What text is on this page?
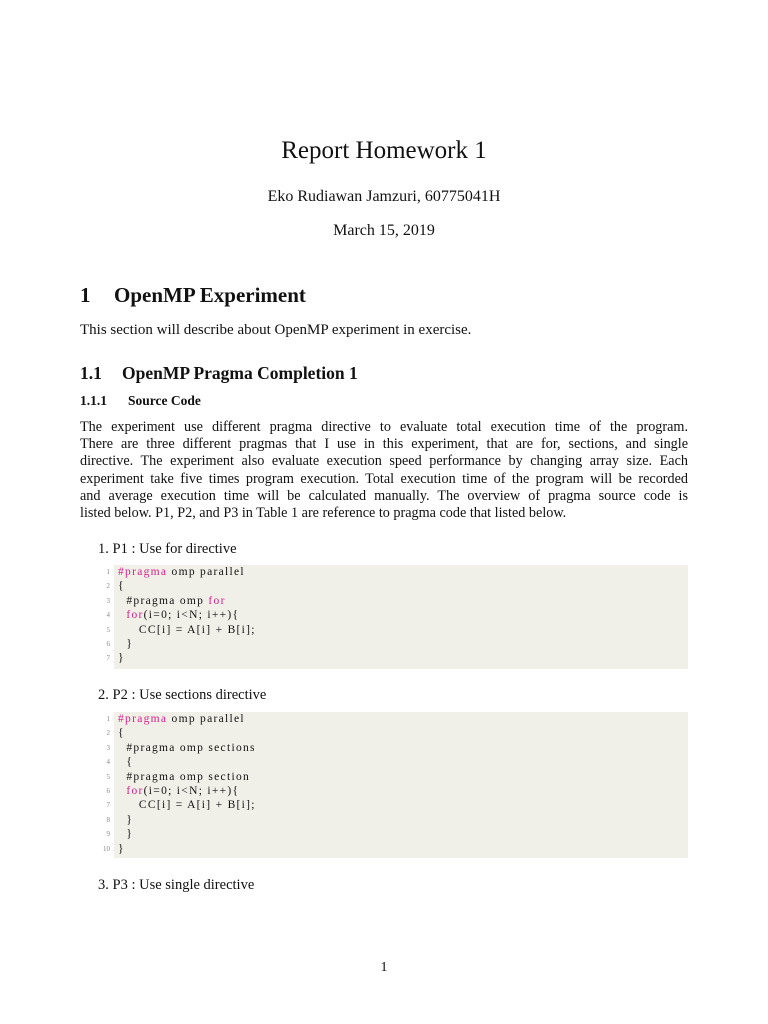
Report Homework 1
Eko Rudiawan Jamzuri, 60775041H
March 15, 2019
1 OpenMP Experiment
This section will describe about OpenMP experiment in exercise.
1.1 OpenMP Pragma Completion 1
1.1.1 Source Code
The experiment use different pragma directive to evaluate total execution time of the program.
There are three different pragmas that I use in this experiment, that are for, sections, and single
directive. The experiment also evaluate execution speed performance by changing array size. Each
experiment take five times program execution. Total execution time of the program will be recorded
and average execution time will be calculated manually. The overview of pragma source code is
listed below. P1, P2, and P3 in Table 1 are reference to pragma code that listed below.
1. P1 : Use for directive
1 #pragma omp parallel
2 {
3 #pragma omp for
4	for(i=0; i<N; i++){
5 CC[i] = A[i] + B[i];
6 }
7 }
2. P2 : Use sections directive
1 #pragma omp parallel
2 {
3 #pragma omp sections
4 {
5 #pragma omp section
6	for(i=0; i<N; i++){
7 CC[i] = A[i] + B[i];
8 }
9 }
10 }
3. P3 : Use single directive
1
